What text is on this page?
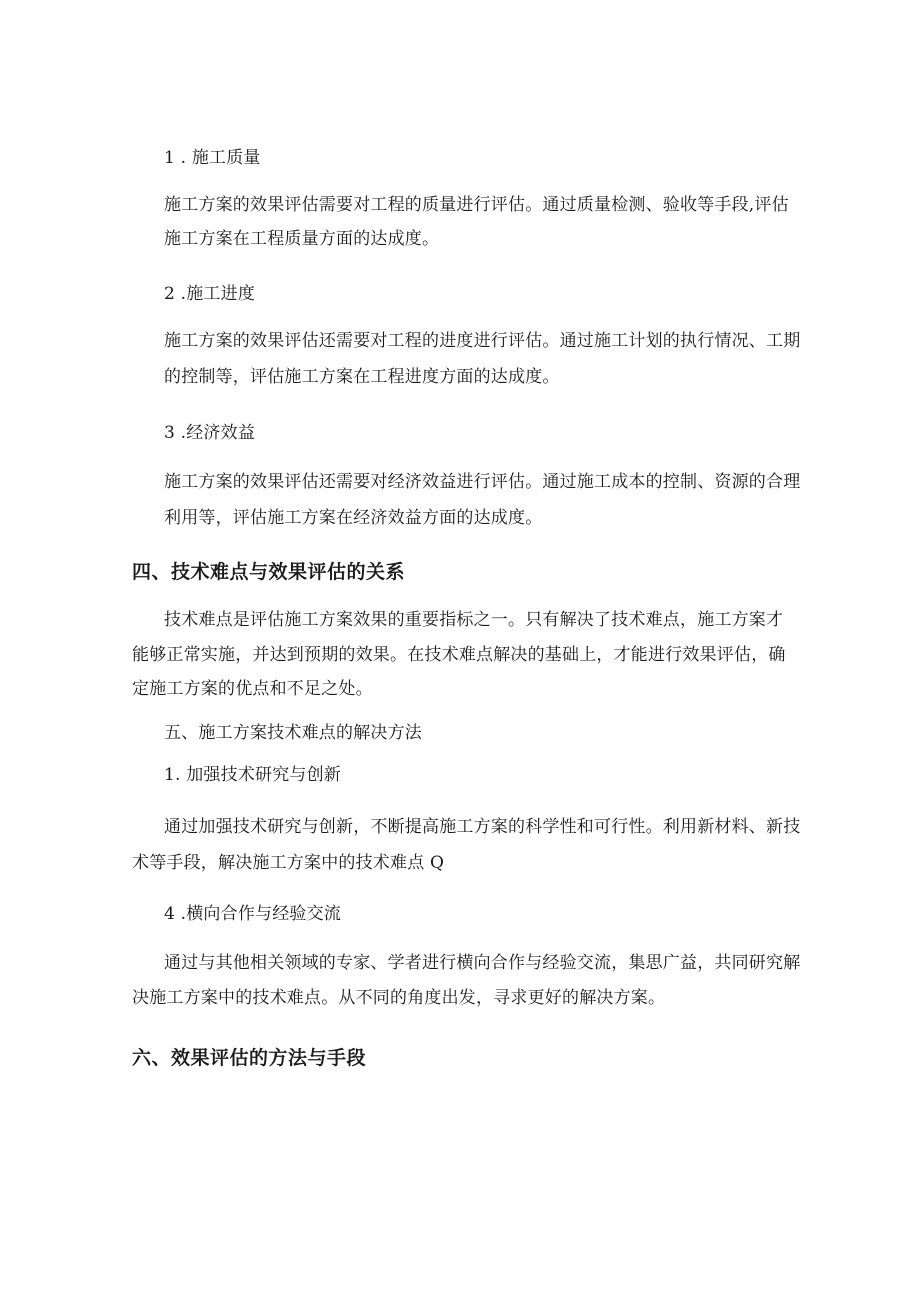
1 . 施工质量
施工方案的效果评估需要对工程的质量进行评估。通过质量检测、验收等手段,评估
施工方案在工程质量方面的达成度。
2 .施工进度
施工方案的效果评估还需要对工程的进度进行评估。通过施工计划的执行情况、工期
的控制等，评估施工方案在工程进度方面的达成度。
3 .经济效益
施工方案的效果评估还需要对经济效益进行评估。通过施工成本的控制、资源的合理
利用等，评估施工方案在经济效益方面的达成度。
四、技术难点与效果评估的关系
技术难点是评估施工方案效果的重要指标之一。只有解决了技术难点，施工方案才
能够正常实施，并达到预期的效果。在技术难点解决的基础上，才能进行效果评估，确
定施工方案的优点和不足之处。
五、施工方案技术难点的解决方法
1. 加强技术研究与创新
通过加强技术研究与创新，不断提高施工方案的科学性和可行性。利用新材料、新技
术等手段，解决施工方案中的技术难点 Q
4 .横向合作与经验交流
通过与其他相关领域的专家、学者进行横向合作与经验交流，集思广益，共同研究解
决施工方案中的技术难点。从不同的角度出发，寻求更好的解决方案。
六、效果评估的方法与手段
